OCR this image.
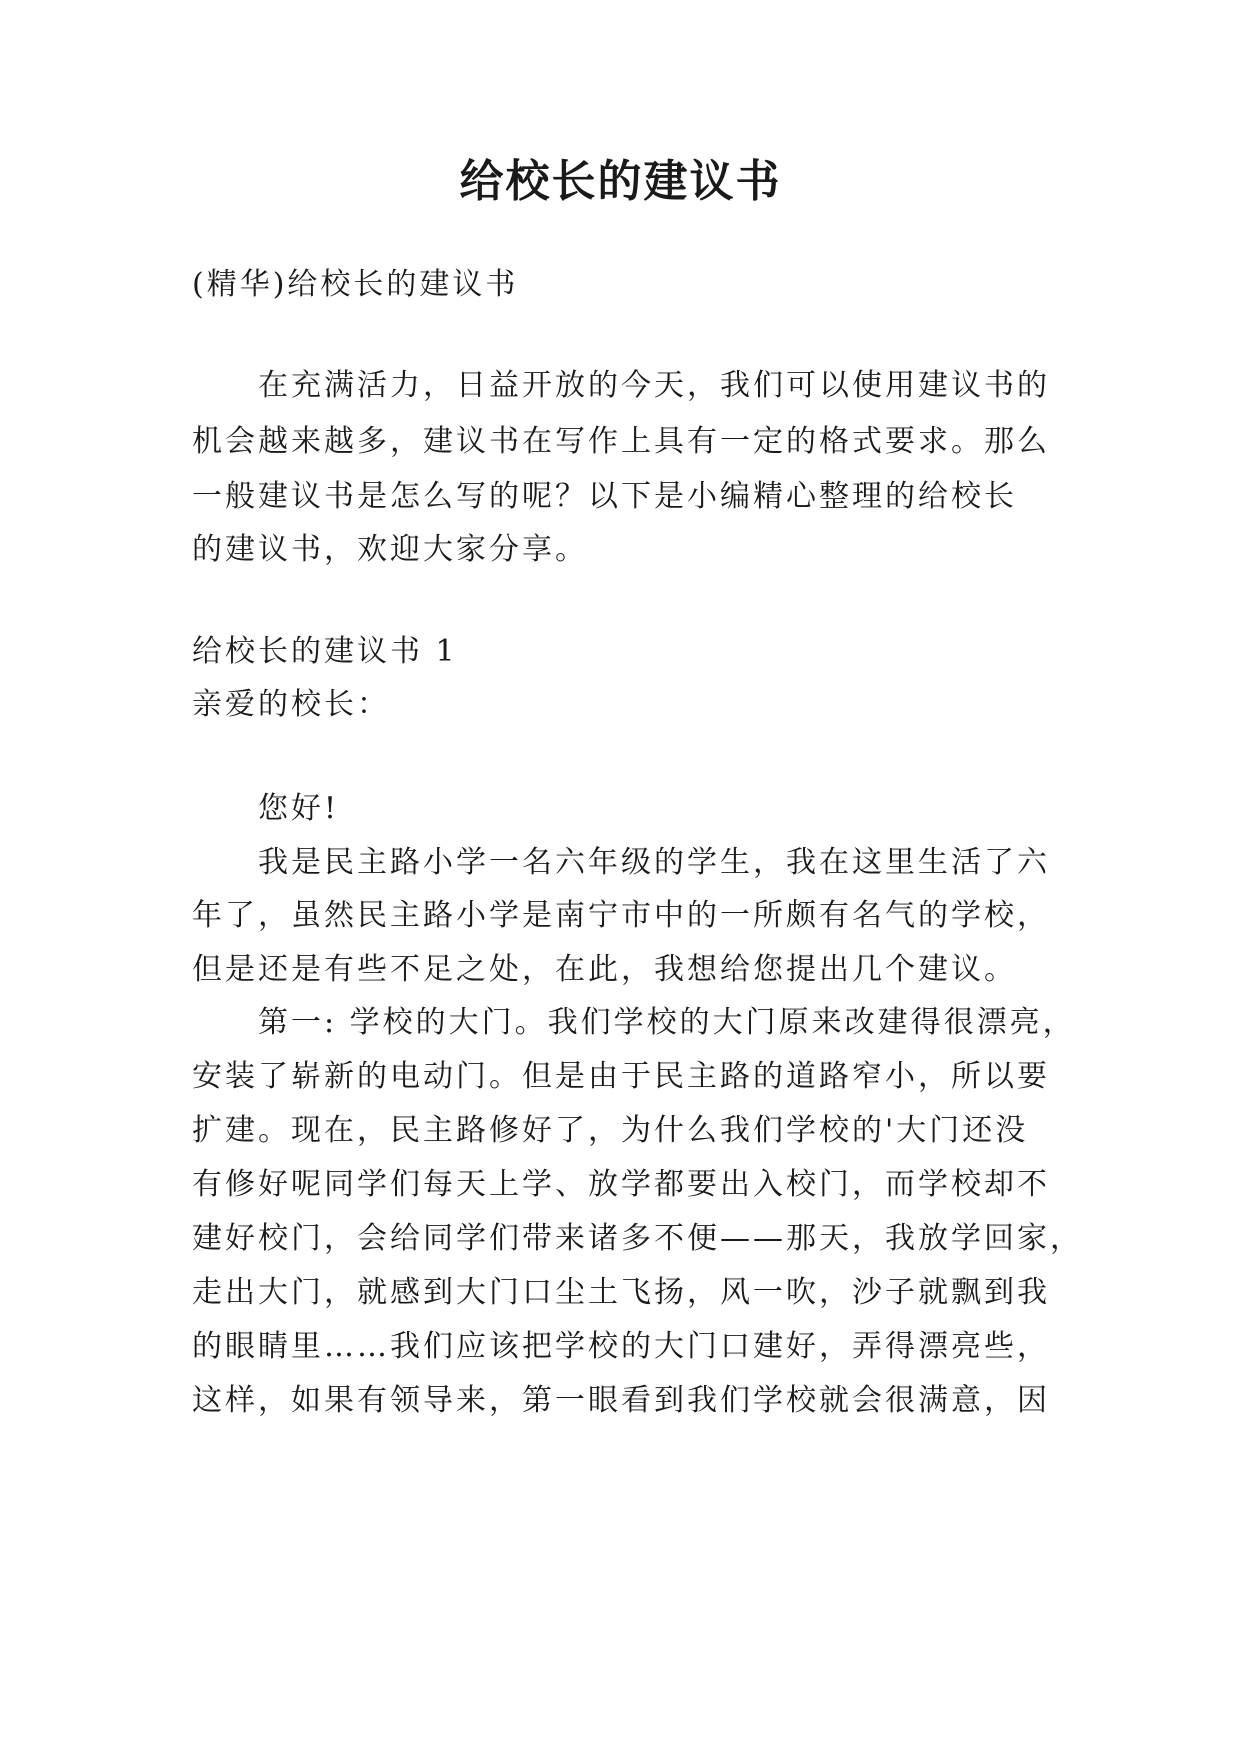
给校长的建议书
(精华)给校长的建议书
在充满活力，日益开放的今天，我们可以使用建议书的
机会越来越多，建议书在写作上具有一定的格式要求。那么
一般建议书是怎么写的呢？以下是小编精心整理的给校长
的建议书，欢迎大家分享。
给校长的建议书 1
亲爱的校长：
您好!
我是民主路小学一名六年级的学生，我在这里生活了六
年了，虽然民主路小学是南宁市中的一所颇有名气的学校，
但是还是有些不足之处，在此，我想给您提出几个建议。
第一: 学校的大门。我们学校的大门原来改建得很漂亮，
安装了崭新的电动门。但是由于民主路的道路窄小，所以要
扩建。现在，民主路修好了，为什么我们学校的'大门还没
有修好呢同学们每天上学、放学都要出入校门，而学校却不
建好校门，会给同学们带来诸多不便——那天，我放学回家，
走出大门，就感到大门口尘土飞扬，风一吹，沙子就飘到我
的眼睛里……我们应该把学校的大门口建好，弄得漂亮些，
这样，如果有领导来，第一眼看到我们学校就会很满意，因
